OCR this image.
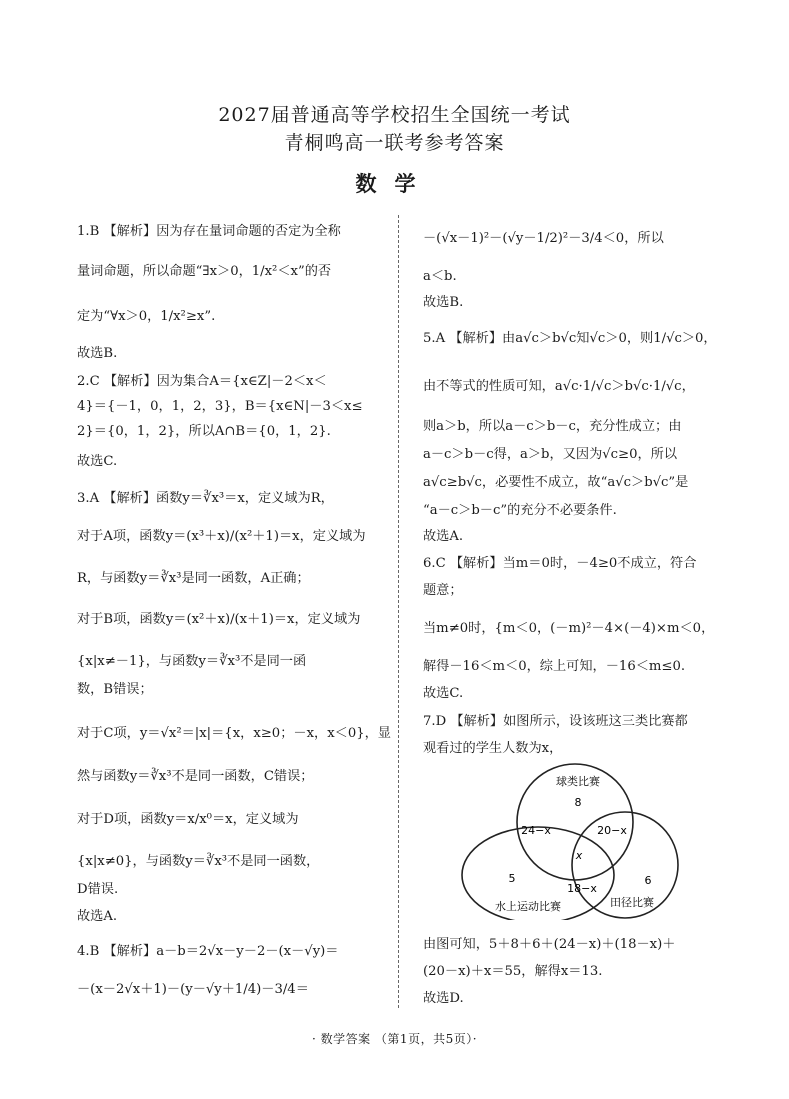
2027届普通高等学校招生全国统一考试
青桐鸣高一联考参考答案
数学
1.B 【解析】因为存在量词命题的否定为全称
量词命题，所以命题“∃x＞0，1/x²＜x”的否
定为“∀x＞0，1/x²≥x”.
故选B.
2.C 【解析】因为集合A＝{x∈Z|－2＜x＜
4}＝{－1，0，1，2，3}，B＝{x∈N|－3＜x≤
2}＝{0，1，2}，所以A∩B＝{0，1，2}.
故选C.
3.A 【解析】函数y＝∛x³＝x，定义域为R，
对于A项，函数y＝(x³＋x)/(x²＋1)＝x，定义域为
R，与函数y＝∛x³是同一函数，A正确；
对于B项，函数y＝(x²＋x)/(x＋1)＝x，定义域为
{x|x≠－1}，与函数y＝∛x³不是同一函
数，B错误；
对于C项，y＝√x²＝|x|＝{x，x≥0；－x，x＜0}，显
然与函数y＝∛x³不是同一函数，C错误；
对于D项，函数y＝x/x⁰＝x，定义域为
{x|x≠0}，与函数y＝∛x³不是同一函数，
D错误.
故选A.
4.B 【解析】a－b＝2√x－y－2－(x－√y)＝
－(x－2√x＋1)－(y－√y＋1/4)－3/4＝
－(√x－1)²－(√y－1/2)²－3/4＜0，所以
a＜b.
故选B.
5.A 【解析】由a√c＞b√c知√c＞0，则1/√c＞0，
由不等式的性质可知，a√c·1/√c＞b√c·1/√c，
则a＞b，所以a－c＞b－c，充分性成立；由
a－c＞b－c得，a＞b，又因为√c≥0，所以
a√c≥b√c，必要性不成立，故“a√c＞b√c”是
“a－c＞b－c”的充分不必要条件.
故选A.
6.C 【解析】当m＝0时，－4≥0不成立，符合
题意；
当m≠0时，{m＜0，(－m)²－4×(－4)×m＜0，
解得－16＜m＜0，综上可知，－16＜m≤0.
故选C.
7.D 【解析】如图所示，设该班这三类比赛都
观看过的学生人数为x，
由图可知，5＋8＋6＋(24－x)＋(18－x)＋
(20－x)＋x＝55，解得x＝13.
故选D.
球类比赛
8
24−x	20−x
x
5
18−x
6
水上运动比赛	田径比赛
· 数学答案 （第1页，共5页）·
